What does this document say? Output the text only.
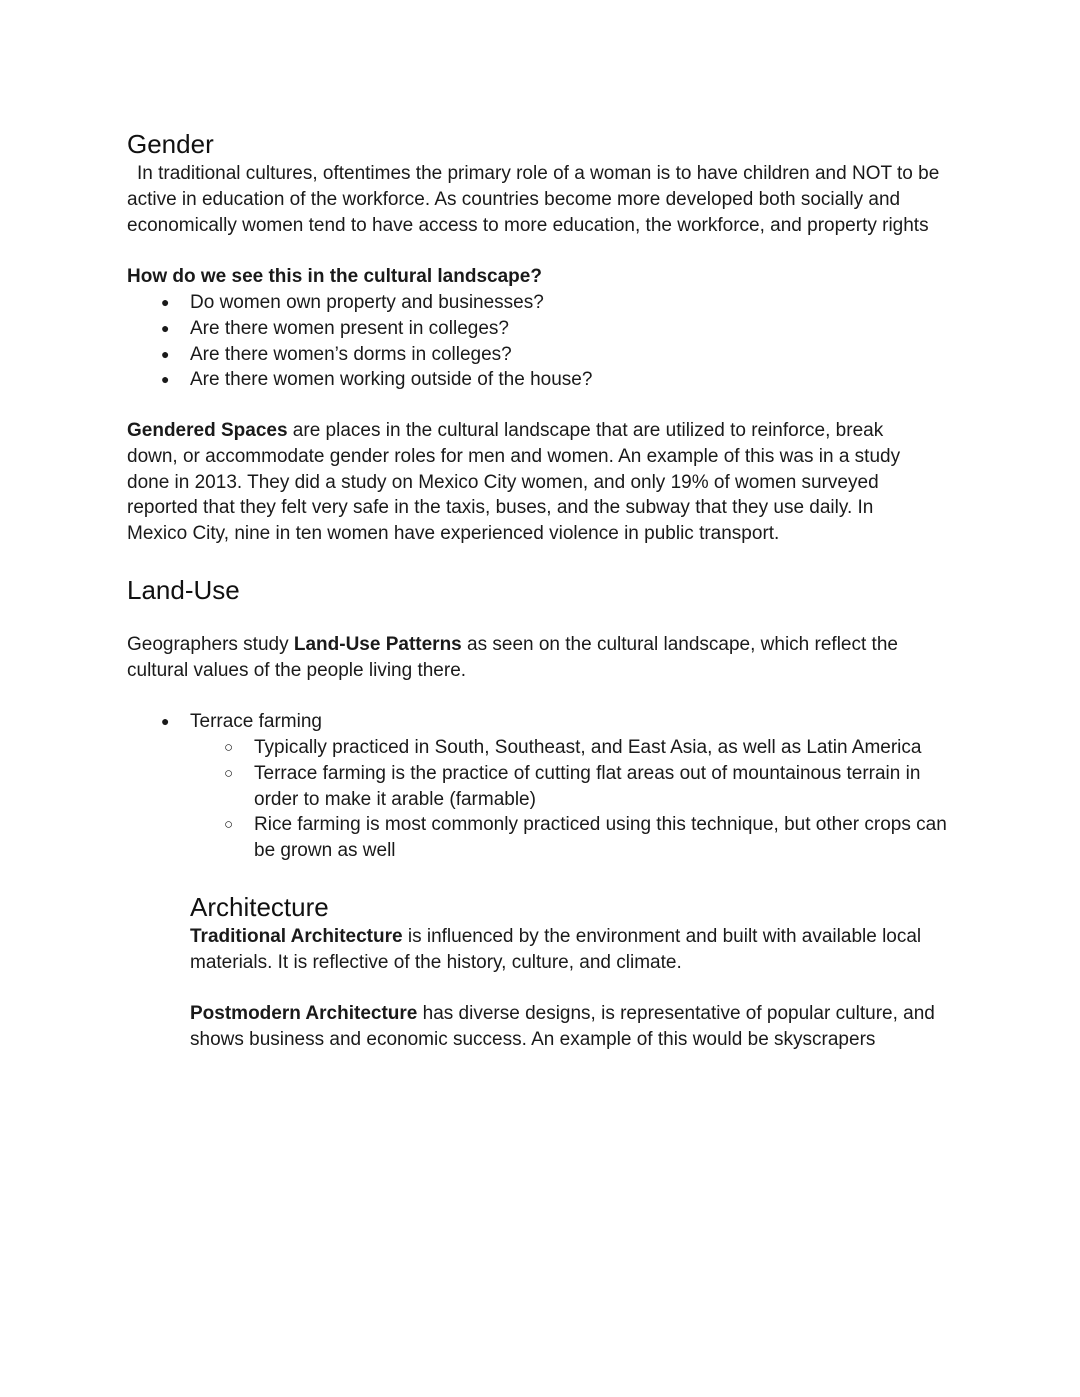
Gender

In traditional cultures, oftentimes the primary role of a woman is to have children and NOT to be active in education of the workforce. As countries become more developed both socially and economically women tend to have access to more education, the workforce, and property rights

How do we see this in the cultural landscape?

● Do women own property and businesses?
● Are there women present in colleges?
● Are there women’s dorms in colleges?
● Are there women working outside of the house?

Gendered Spaces are places in the cultural landscape that are utilized to reinforce, break down, or accommodate gender roles for men and women. An example of this was in a study done in 2013. They did a study on Mexico City women, and only 19% of women surveyed reported that they felt very safe in the taxis, buses, and the subway that they use daily. In Mexico City, nine in ten women have experienced violence in public transport.

Land-Use

Geographers study Land-Use Patterns as seen on the cultural landscape, which reflect the cultural values of the people living there.

● Terrace farming
○ Typically practiced in South, Southeast, and East Asia, as well as Latin America
○ Terrace farming is the practice of cutting flat areas out of mountainous terrain in order to make it arable (farmable)
○ Rice farming is most commonly practiced using this technique, but other crops can be grown as well
Architecture

Traditional Architecture is influenced by the environment and built with available local materials. It is reflective of the history, culture, and climate.

Postmodern Architecture has diverse designs, is representative of popular culture, and shows business and economic success. An example of this would be skyscrapers
